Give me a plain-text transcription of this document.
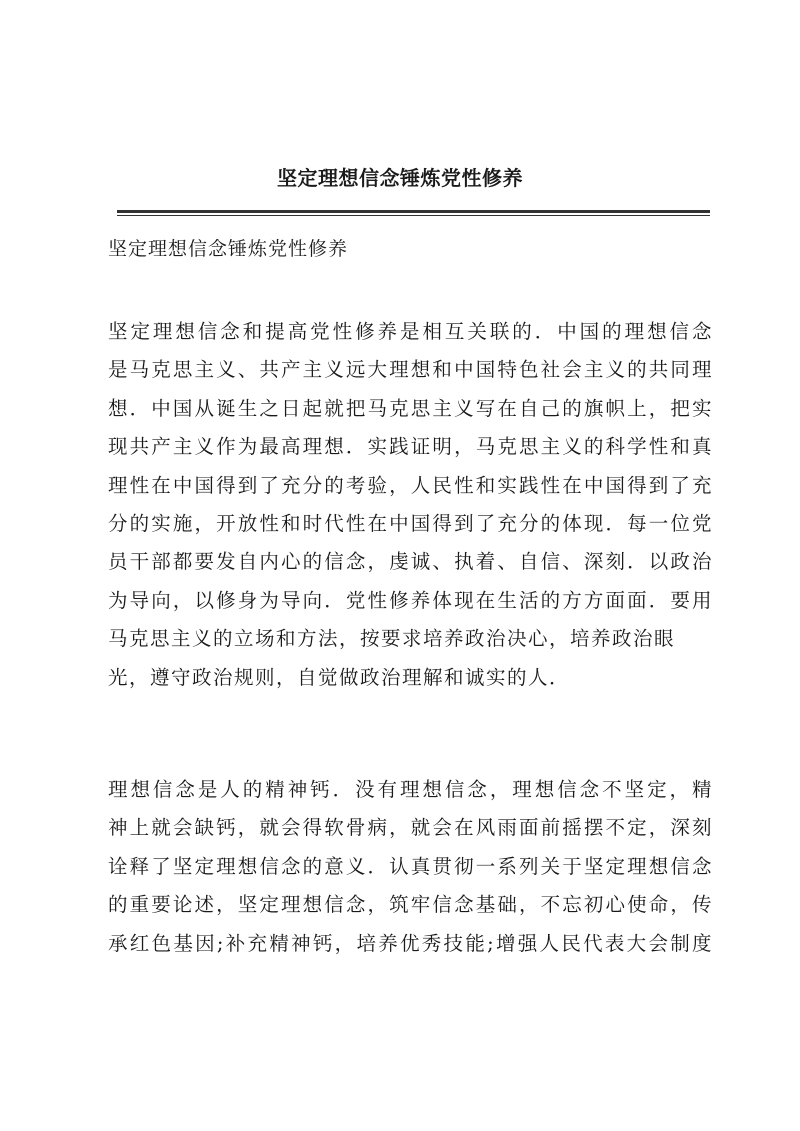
坚定理想信念锤炼党性修养
坚定理想信念锤炼党性修养
坚定理想信念和提高党性修养是相互关联的．中国的理想信念
是马克思主义、共产主义远大理想和中国特色社会主义的共同理
想．中国从诞生之日起就把马克思主义写在自己的旗帜上，把实
现共产主义作为最高理想．实践证明，马克思主义的科学性和真
理性在中国得到了充分的考验，人民性和实践性在中国得到了充
分的实施，开放性和时代性在中国得到了充分的体现．每一位党
员干部都要发自内心的信念，虔诚、执着、自信、深刻．以政治
为导向，以修身为导向．党性修养体现在生活的方方面面．要用
马克思主义的立场和方法，按要求培养政治决心，培养政治眼
光，遵守政治规则，自觉做政治理解和诚实的人．
理想信念是人的精神钙．没有理想信念，理想信念不坚定，精
神上就会缺钙，就会得软骨病，就会在风雨面前摇摆不定，深刻
诠释了坚定理想信念的意义．认真贯彻一系列关于坚定理想信念
的重要论述，坚定理想信念，筑牢信念基础，不忘初心使命，传
承红色基因;补充精神钙，培养优秀技能;增强人民代表大会制度
